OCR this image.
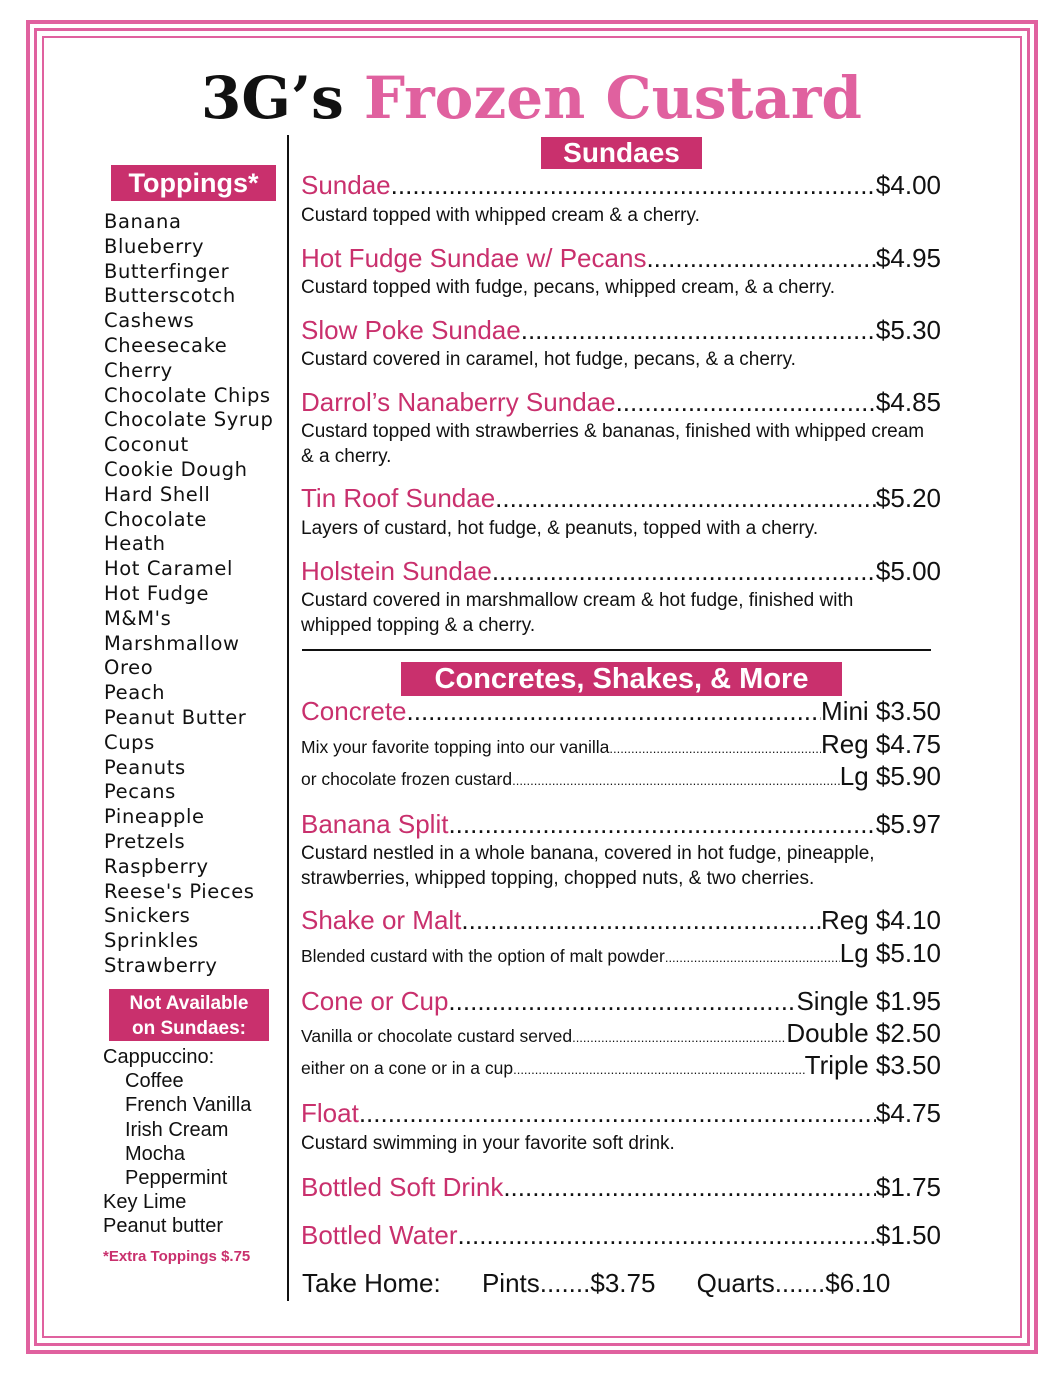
3G’s Frozen Custard
Toppings*
Banana
Blueberry
Butterfinger
Butterscotch
Cashews
Cheesecake
Cherry
Chocolate Chips
Chocolate Syrup
Coconut
Cookie Dough
Hard Shell
Chocolate
Heath
Hot Caramel
Hot Fudge
M&M's
Marshmallow
Oreo
Peach
Peanut Butter
Cups
Peanuts
Pecans
Pineapple
Pretzels
Raspberry
Reese's Pieces
Snickers
Sprinkles
Strawberry
Not Available
on Sundaes:
Cappuccino:
Coffee
French Vanilla
Irish Cream
Mocha
Peppermint
Key Lime
Peanut butter
*Extra Toppings $.75
Sundaes
Sundae .....	$4.00
Custard topped with whipped cream & a cherry.
Hot Fudge Sundae w/ Pecans .....	$4.95
Custard topped with fudge, pecans, whipped cream, & a cherry.
Slow Poke Sundae .....	$5.30
Custard covered in caramel, hot fudge, pecans, & a cherry.
Darrol’s Nanaberry Sundae .....	$4.85
Custard topped with strawberries & bananas, finished with whipped cream & a cherry.
Tin Roof Sundae .....	$5.20
Layers of custard, hot fudge, & peanuts, topped with a cherry.
Holstein Sundae .....	$5.00
Custard covered in marshmallow cream & hot fudge, finished with whipped topping & a cherry.
Concretes, Shakes, & More
Concrete .....	Mini $3.50
Mix your favorite topping into our vanilla .....	Reg $4.75
or chocolate frozen custard .....	Lg $5.90
Banana Split .....	$5.97
Custard nestled in a whole banana, covered in hot fudge, pineapple, strawberries, whipped topping, chopped nuts, & two cherries.
Shake or Malt .....	Reg $4.10
Blended custard with the option of malt powder .....	Lg $5.10
Cone or Cup .....	Single $1.95
Vanilla or chocolate custard served .....	Double $2.50
either on a cone or in a cup .....	Triple $3.50
Float .....	$4.75
Custard swimming in your favorite soft drink.
Bottled Soft Drink .....	$1.75
Bottled Water .....	$1.50
Take Home: Pints.......$3.75 Quarts.......$6.10
